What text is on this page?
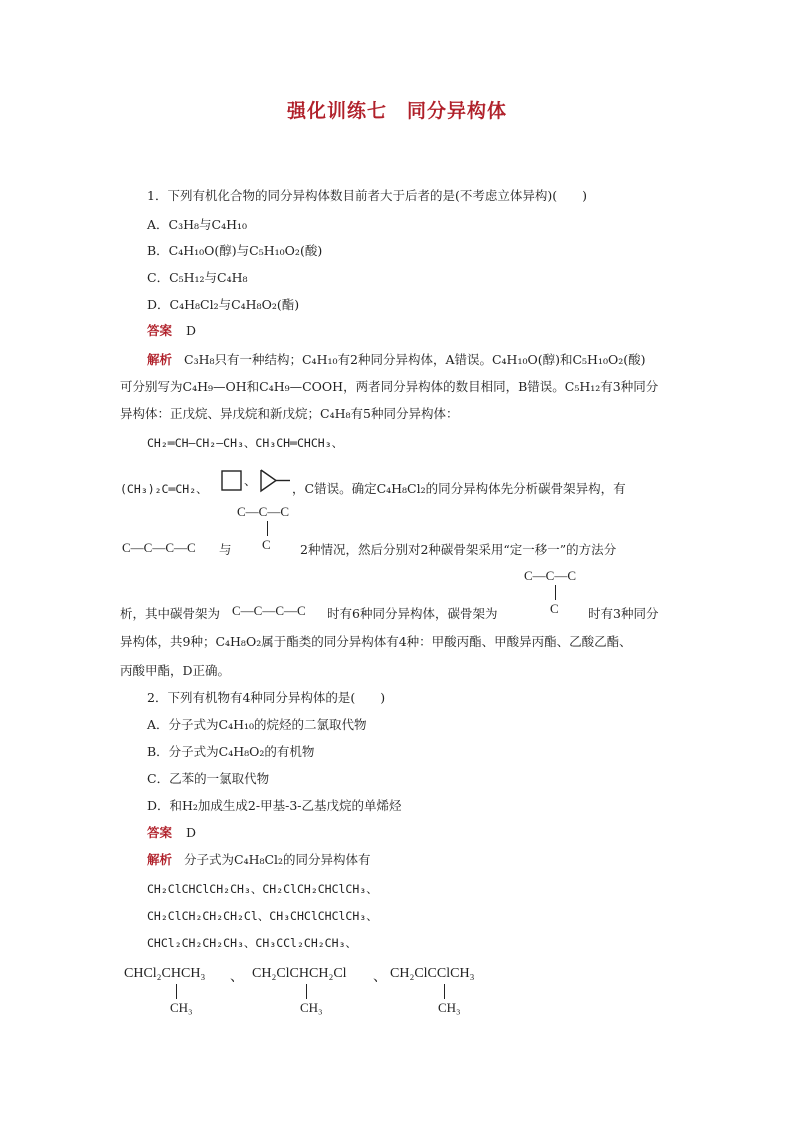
强化训练七　同分异构体
1．下列有机化合物的同分异构体数目前者大于后者的是(不考虑立体异构)(　　)
A．C₃H₈与C₄H₁₀
B．C₄H₁₀O(醇)与C₅H₁₀O₂(酸)
C．C₅H₁₂与C₄H₈
D．C₄H₈Cl₂与C₄H₈O₂(酯)
答案 D
解析 C₃H₈只有一种结构；C₄H₁₀有2种同分异构体，A错误。C₄H₁₀O(醇)和C₅H₁₀O₂(酸)
可分别写为C₄H₉—OH和C₄H₉—COOH，两者同分异构体的数目相同，B错误。C₅H₁₂有3种同分
异构体：正戊烷、异戊烷和新戊烷；C₄H₈有5种同分异构体：
CH₂═CH—CH₂—CH₃、CH₃CH═CHCH₃、
(CH₃)₂C═CH₂、
、
，C错误。确定C₄H₈Cl₂的同分异构体先分析碳骨架异构，有
C—C—C
C
C—C—C—C 与	2种情况，然后分别对2种碳骨架采用“定一移一”的方法分
C—C—C
C
析，其中碳骨架为 C—C—C—C 时有6种同分异构体，碳骨架为	时有3种同分
异构体，共9种；C₄H₈O₂属于酯类的同分异构体有4种：甲酸丙酯、甲酸异丙酯、乙酸乙酯、
丙酸甲酯，D正确。
2．下列有机物有4种同分异构体的是(　　)
A．分子式为C₄H₁₀的烷烃的二氯取代物
B．分子式为C₄H₈O₂的有机物
C．乙苯的一氯取代物
D．和H₂加成生成2-甲基-3-乙基戊烷的单烯烃
答案 D
解析 分子式为C₄H₈Cl₂的同分异构体有
CH₂ClCHClCH₂CH₃、CH₂ClCH₂CHClCH₃、
CH₂ClCH₂CH₂CH₂Cl、CH₃CHClCHClCH₃、
CHCl₂CH₂CH₂CH₃、CH₃CCl₂CH₂CH₃、
CHCl₂CHCH₃
CH₃
、 CH₂ClCHCH₂Cl
CH₃
、 CH₂ClCClCH₃
CH₃
